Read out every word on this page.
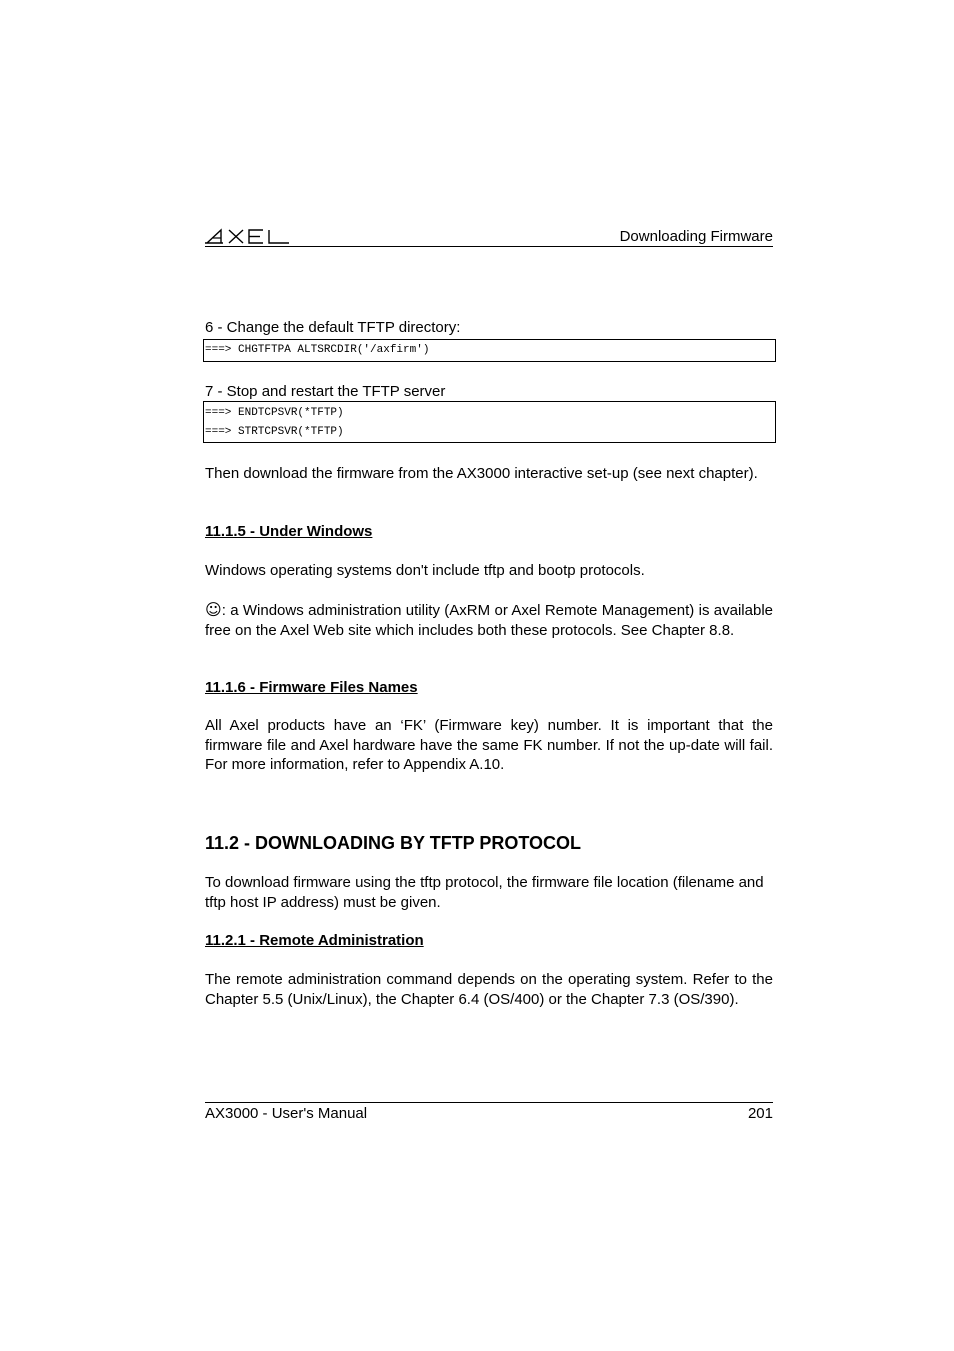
Downloading Firmware
6 - Change the default TFTP directory:
===> CHGTFTPA ALTSRCDIR('/axfirm')
7 - Stop and restart the TFTP server
===> ENDTCPSVR(*TFTP)
===> STRTCPSVR(*TFTP)

Then download the firmware from the AX3000 interactive set-up (see next chapter).

11.1.5 - Under Windows

Windows operating systems don't include tftp and bootp protocols.

☺: a Windows administration utility (AxRM or Axel Remote Management) is available free on the Axel Web site which includes both these protocols. See Chapter 8.8.

11.1.6 - Firmware Files Names

All Axel products have an ‘FK’ (Firmware key) number. It is important that the firmware file and Axel hardware have the same FK number. If not the up-date will fail. For more information, refer to Appendix A.10.

11.2 - DOWNLOADING BY TFTP PROTOCOL

To download firmware using the tftp protocol, the firmware file location (filename and tftp host IP address) must be given.

11.2.1 - Remote Administration

The remote administration command depends on the operating system. Refer to the Chapter 5.5 (Unix/Linux), the Chapter 6.4 (OS/400) or the Chapter 7.3 (OS/390).

AX3000 - User's Manual	201
